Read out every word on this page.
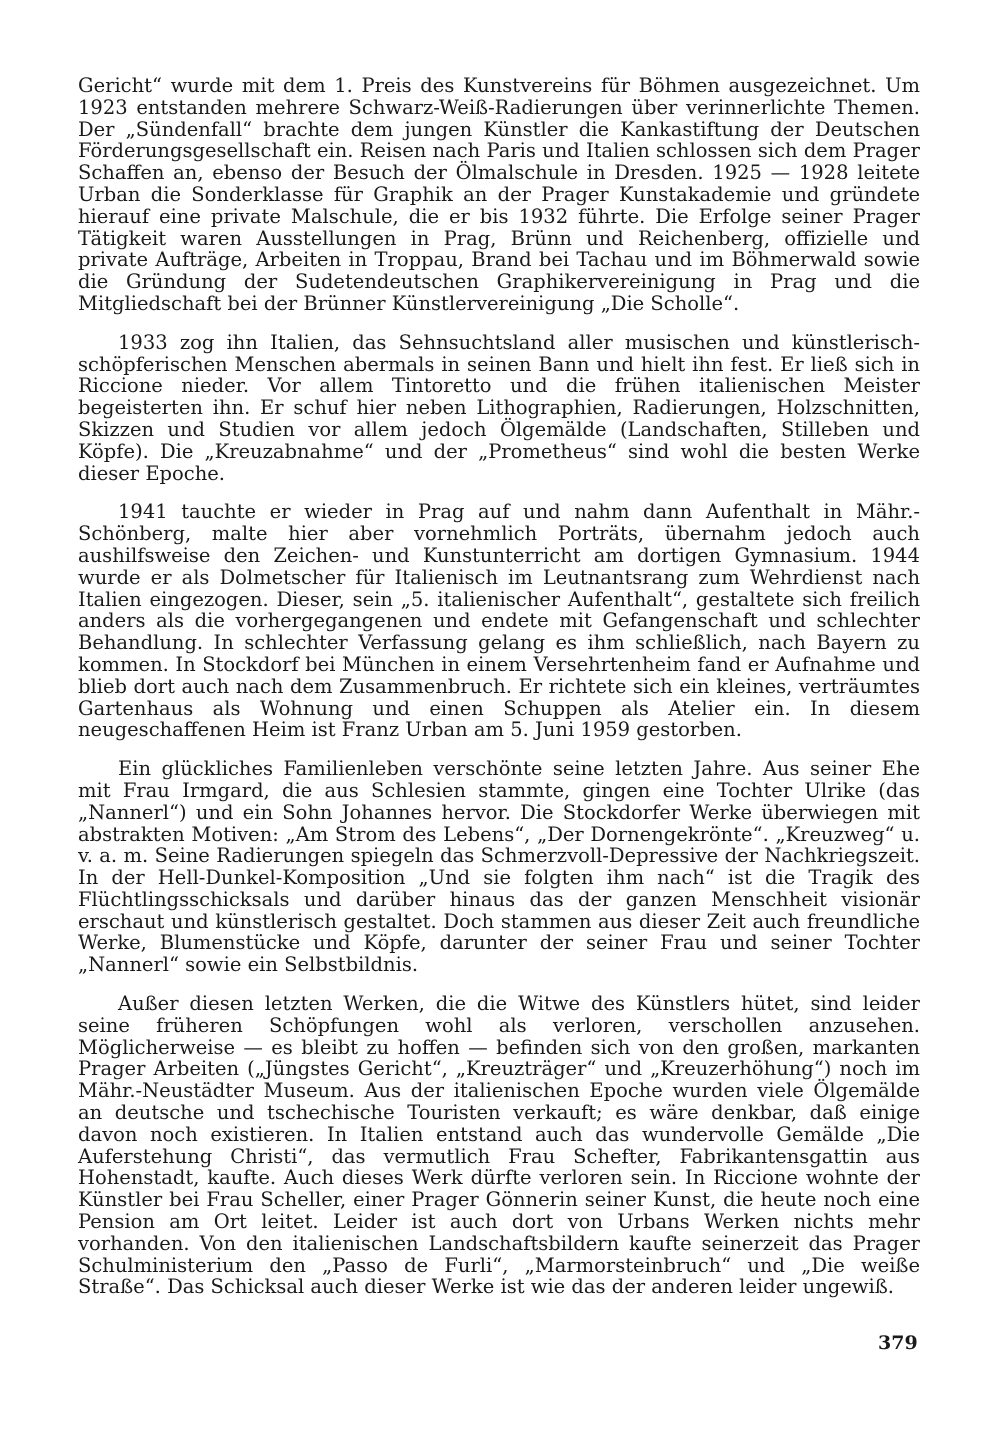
Gericht“ wurde mit dem 1. Preis des Kunstvereins für Böhmen ausgezeichnet. Um 1923 entstanden mehrere Schwarz-Weiß-Radierungen über verinnerlichte Themen. Der „Sündenfall“ brachte dem jungen Künstler die Kankastiftung der Deutschen Förderungsgesellschaft ein. Reisen nach Paris und Italien schlossen sich dem Prager Schaffen an, ebenso der Besuch der Ölmalschule in Dresden. 1925 — 1928 leitete Urban die Sonderklasse für Graphik an der Prager Kunstakademie und gründete hierauf eine private Malschule, die er bis 1932 führte. Die Erfolge seiner Prager Tätigkeit waren Ausstellungen in Prag, Brünn und Reichenberg, offizielle und private Aufträge, Arbeiten in Troppau, Brand bei Tachau und im Böhmerwald sowie die Gründung der Sudetendeutschen Graphikervereinigung in Prag und die Mitgliedschaft bei der Brünner Künstlervereinigung „Die Scholle“.

1933 zog ihn Italien, das Sehnsuchtsland aller musischen und künstlerisch-schöpferischen Menschen abermals in seinen Bann und hielt ihn fest. Er ließ sich in Riccione nieder. Vor allem Tintoretto und die frühen italienischen Meister begeisterten ihn. Er schuf hier neben Lithographien, Radierungen, Holzschnitten, Skizzen und Studien vor allem jedoch Ölgemälde (Landschaften, Stilleben und Köpfe). Die „Kreuzabnahme“ und der „Prometheus“ sind wohl die besten Werke dieser Epoche.

1941 tauchte er wieder in Prag auf und nahm dann Aufenthalt in Mähr.-Schönberg, malte hier aber vornehmlich Porträts, übernahm jedoch auch aushilfsweise den Zeichen- und Kunstunterricht am dortigen Gymnasium. 1944 wurde er als Dolmetscher für Italienisch im Leutnantsrang zum Wehrdienst nach Italien eingezogen. Dieser, sein „5. italienischer Aufenthalt“, gestaltete sich freilich anders als die vorhergegangenen und endete mit Gefangenschaft und schlechter Behandlung. In schlechter Verfassung gelang es ihm schließlich, nach Bayern zu kommen. In Stockdorf bei München in einem Versehrtenheim fand er Aufnahme und blieb dort auch nach dem Zusammenbruch. Er richtete sich ein kleines, verträumtes Gartenhaus als Wohnung und einen Schuppen als Atelier ein. In diesem neugeschaffenen Heim ist Franz Urban am 5. Juni 1959 gestorben.

Ein glückliches Familienleben verschönte seine letzten Jahre. Aus seiner Ehe mit Frau Irmgard, die aus Schlesien stammte, gingen eine Tochter Ulrike (das „Nannerl“) und ein Sohn Johannes hervor. Die Stockdorfer Werke überwiegen mit abstrakten Motiven: „Am Strom des Lebens“, „Der Dornengekrönte“. „Kreuzweg“ u. v. a. m. Seine Radierungen spiegeln das Schmerzvoll-Depressive der Nachkriegszeit. In der Hell-Dunkel-Komposition „Und sie folgten ihm nach“ ist die Tragik des Flüchtlingsschicksals und darüber hinaus das der ganzen Menschheit visionär erschaut und künstlerisch gestaltet. Doch stammen aus dieser Zeit auch freundliche Werke, Blumenstücke und Köpfe, darunter der seiner Frau und seiner Tochter „Nannerl“ sowie ein Selbstbildnis.

Außer diesen letzten Werken, die die Witwe des Künstlers hütet, sind leider seine früheren Schöpfungen wohl als verloren, verschollen anzusehen. Möglicherweise — es bleibt zu hoffen — befinden sich von den großen, markanten Prager Arbeiten („Jüngstes Gericht“, „Kreuzträger“ und „Kreuzerhöhung“) noch im Mähr.-Neustädter Museum. Aus der italienischen Epoche wurden viele Ölgemälde an deutsche und tschechische Touristen verkauft; es wäre denkbar, daß einige davon noch existieren. In Italien entstand auch das wundervolle Gemälde „Die Auferstehung Christi“, das vermutlich Frau Schefter, Fabrikantensgattin aus Hohenstadt, kaufte. Auch dieses Werk dürfte verloren sein. In Riccione wohnte der Künstler bei Frau Scheller, einer Prager Gönnerin seiner Kunst, die heute noch eine Pension am Ort leitet. Leider ist auch dort von Urbans Werken nichts mehr vorhanden. Von den italienischen Landschaftsbildern kaufte seinerzeit das Prager Schulministerium den „Passo de Furli“, „Marmorsteinbruch“ und „Die weiße Straße“. Das Schicksal auch dieser Werke ist wie das der anderen leider ungewiß.

379
